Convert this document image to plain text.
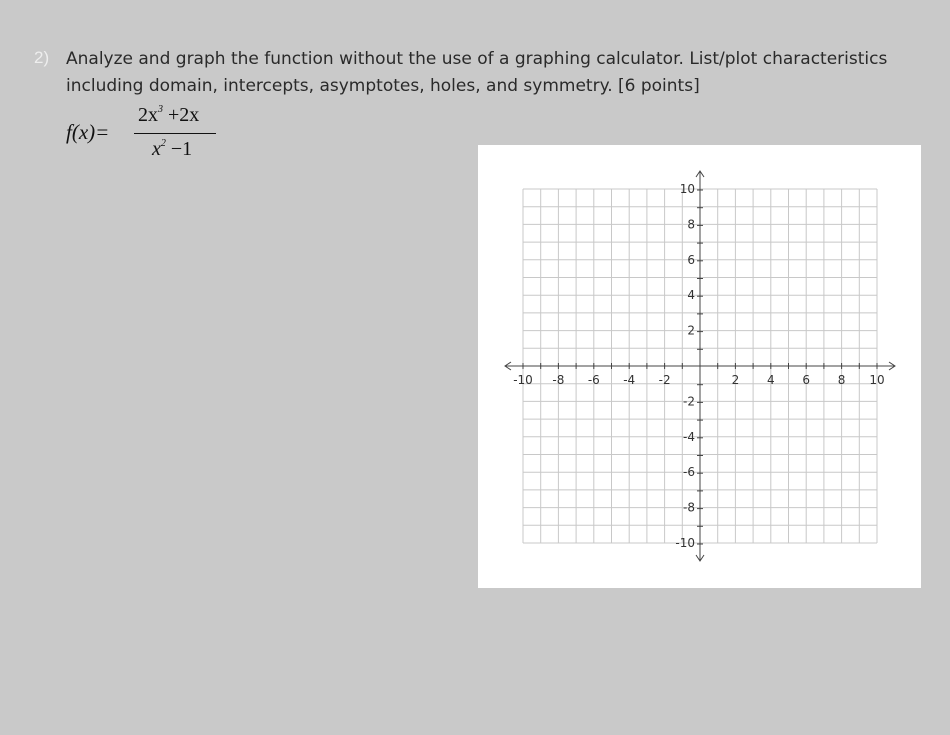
2) Analyze and graph the function without the use of a graphing calculator. List/plot characteristics
including domain, intercepts, asymptotes, holes, and symmetry. [6 points]
f(x)=
$2x^3 +2x$
$x^2 -1$
-10 -8 -6 -4 -2	2 4 6 8 10
10
8
6
4
2
-2
-4
-6
-8
-10
